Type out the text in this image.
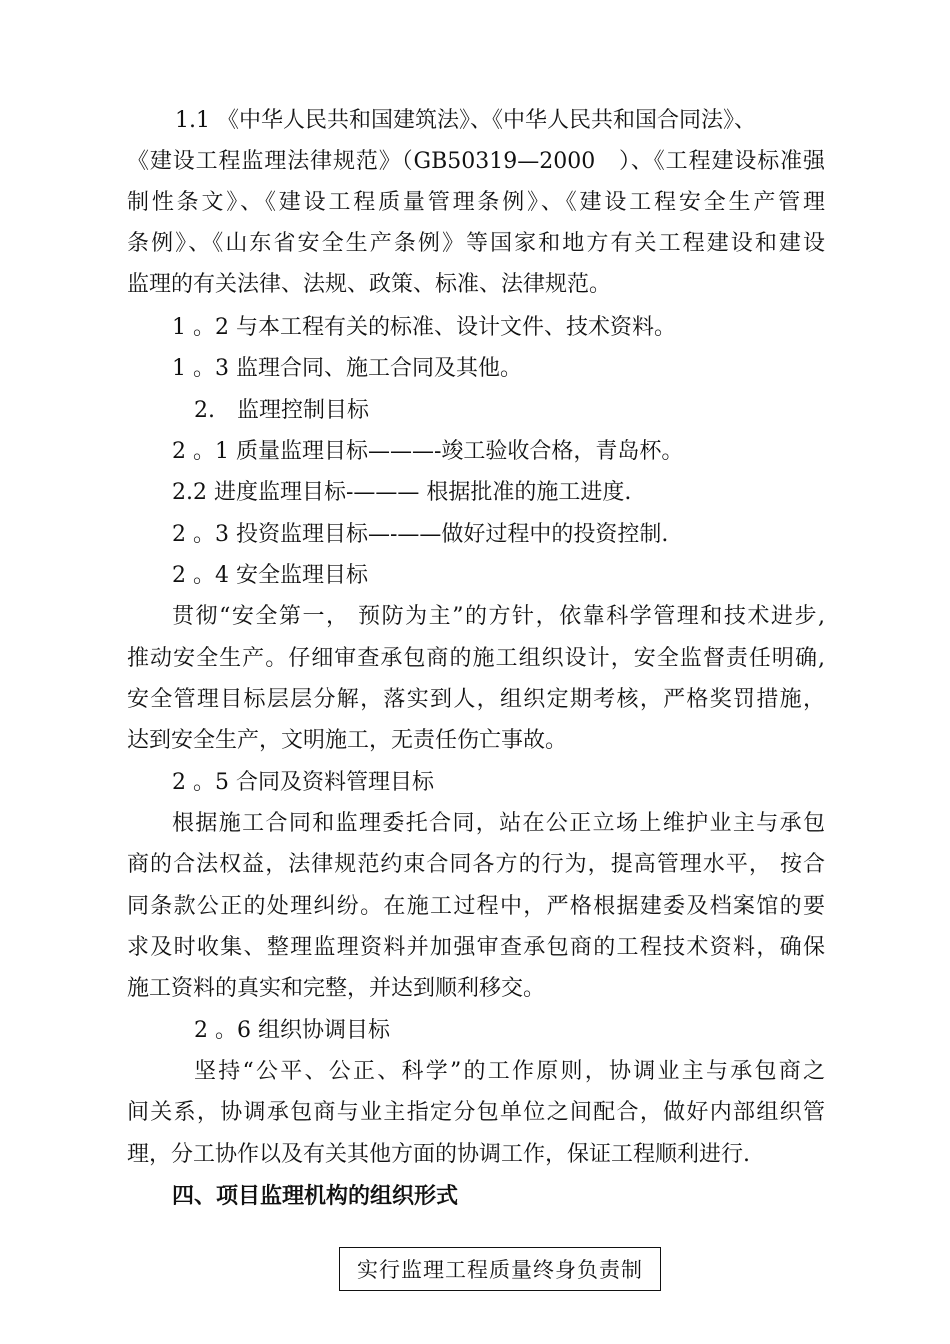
1.1 《中华人民共和国建筑法》、《中华人民共和国合同法》、
《建设工程监理法律规范》（GB50319—2000　）、《工程建设标准强
制性条文》、《建设工程质量管理条例》、《建设工程安全生产管理
条例》、《山东省安全生产条例》等国家和地方有关工程建设和建设
监理的有关法律、法规、政策、标准、法律规范。
1 。2 与本工程有关的标准、设计文件、技术资料。
1 。3 监理合同、施工合同及其他。
2.　监理控制目标
2 。1 质量监理目标———-竣工验收合格，青岛杯。
2.2 进度监理目标-——— 根据批准的施工进度.
2 。3 投资监理目标—-——做好过程中的投资控制.
2 。4 安全监理目标
贯彻“安全第一， 预防为主”的方针，依靠科学管理和技术进步,
推动安全生产。仔细审查承包商的施工组织设计，安全监督责任明确,
安全管理目标层层分解，落实到人，组织定期考核，严格奖罚措施，
达到安全生产，文明施工，无责任伤亡事故。
2 。5 合同及资料管理目标
根据施工合同和监理委托合同，站在公正立场上维护业主与承包
商的合法权益，法律规范约束合同各方的行为，提高管理水平， 按合
同条款公正的处理纠纷。在施工过程中，严格根据建委及档案馆的要
求及时收集、整理监理资料并加强审查承包商的工程技术资料，确保
施工资料的真实和完整，并达到顺利移交。
2 。6 组织协调目标
坚持“公平、公正、科学”的工作原则，协调业主与承包商之
间关系，协调承包商与业主指定分包单位之间配合，做好内部组织管
理，分工协作以及有关其他方面的协调工作，保证工程顺利进行.
四、项目监理机构的组织形式
实行监理工程质量终身负责制
